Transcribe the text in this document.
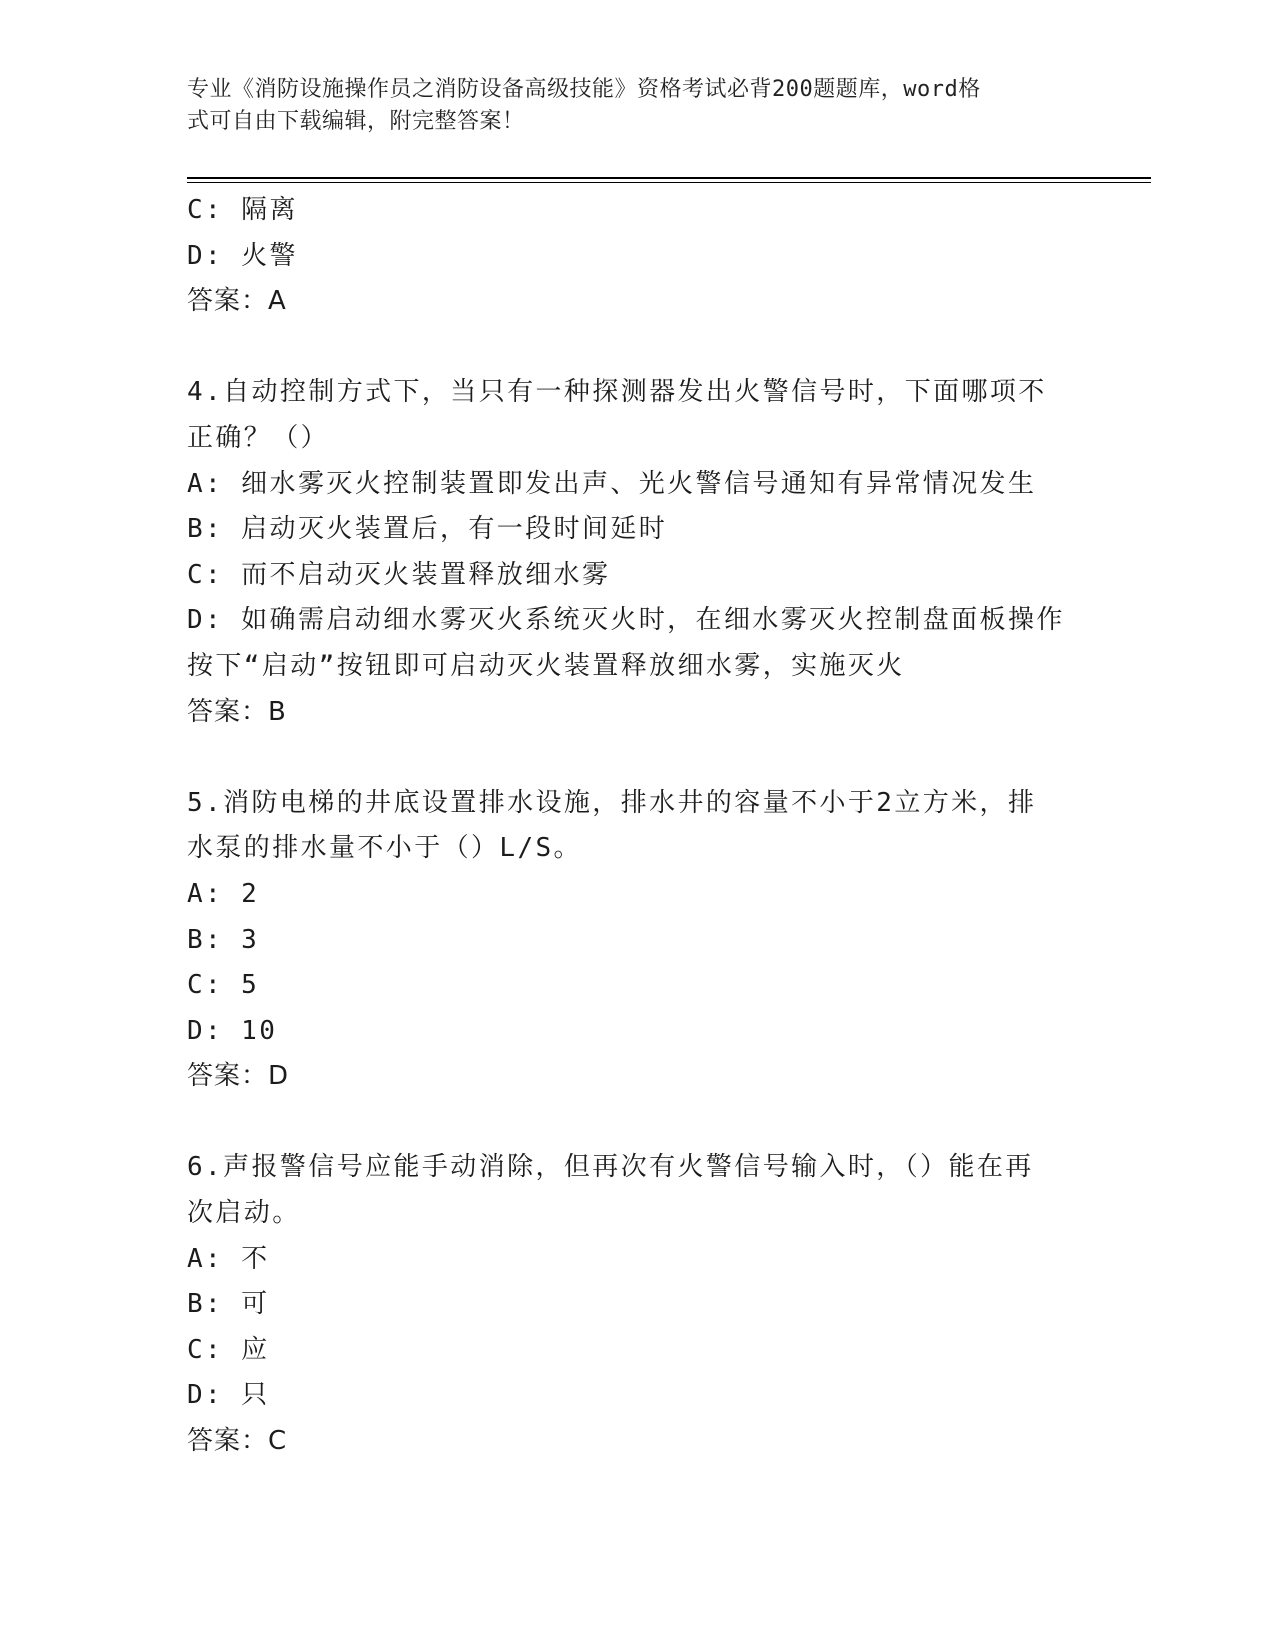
专业《消防设施操作员之消防设备高级技能》资格考试必背200题题库，word格
式可自由下载编辑，附完整答案！
C: 隔离
D: 火警
答案：A
4.自动控制方式下，当只有一种探测器发出火警信号时，下面哪项不
正确？（）
A: 细水雾灭火控制装置即发出声、光火警信号通知有异常情况发生
B: 启动灭火装置后，有一段时间延时
C: 而不启动灭火装置释放细水雾
D: 如确需启动细水雾灭火系统灭火时，在细水雾灭火控制盘面板操作
按下“启动”按钮即可启动灭火装置释放细水雾，实施灭火
答案：B
5.消防电梯的井底设置排水设施，排水井的容量不小于2立方米，排
水泵的排水量不小于（）L/S。
A: 2
B: 3
C: 5
D: 10
答案：D
6.声报警信号应能手动消除，但再次有火警信号输入时，（）能在再
次启动。
A: 不
B: 可
C: 应
D: 只
答案：C
